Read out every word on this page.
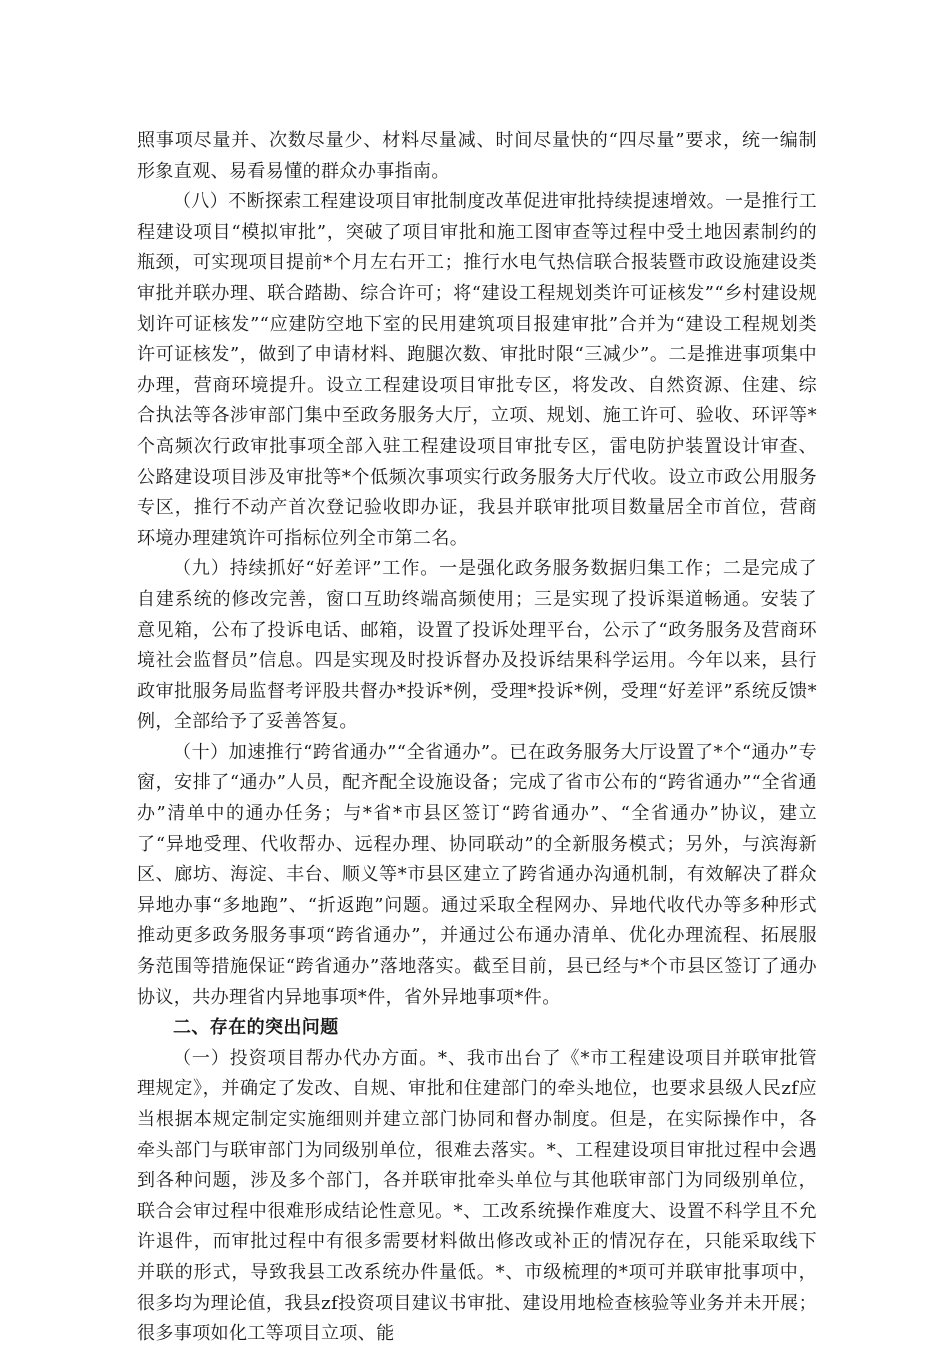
照事项尽量并、次数尽量少、材料尽量减、时间尽量快的“四尽量”要求，统一编制形象直观、易看易懂的群众办事指南。

（八）不断探索工程建设项目审批制度改革促进审批持续提速增效。一是推行工程建设项目“模拟审批”，突破了项目审批和施工图审查等过程中受土地因素制约的瓶颈，可实现项目提前*个月左右开工；推行水电气热信联合报装暨市政设施建设类审批并联办理、联合踏勘、综合许可；将“建设工程规划类许可证核发”“乡村建设规划许可证核发”“应建防空地下室的民用建筑项目报建审批”合并为“建设工程规划类许可证核发”，做到了申请材料、跑腿次数、审批时限“三减少”。二是推进事项集中办理，营商环境提升。设立工程建设项目审批专区，将发改、自然资源、住建、综合执法等各涉审部门集中至政务服务大厅，立项、规划、施工许可、验收、环评等*个高频次行政审批事项全部入驻工程建设项目审批专区，雷电防护装置设计审查、公路建设项目涉及审批等*个低频次事项实行政务服务大厅代收。设立市政公用服务专区，推行不动产首次登记验收即办证，我县并联审批项目数量居全市首位，营商环境办理建筑许可指标位列全市第二名。

（九）持续抓好“好差评”工作。一是强化政务服务数据归集工作；二是完成了自建系统的修改完善，窗口互助终端高频使用；三是实现了投诉渠道畅通。安装了意见箱，公布了投诉电话、邮箱，设置了投诉处理平台，公示了“政务服务及营商环境社会监督员”信息。四是实现及时投诉督办及投诉结果科学运用。今年以来，县行政审批服务局监督考评股共督办*投诉*例，受理*投诉*例，受理“好差评”系统反馈*例，全部给予了妥善答复。

（十）加速推行“跨省通办”“全省通办”。已在政务服务大厅设置了*个“通办”专窗，安排了“通办”人员，配齐配全设施设备；完成了省市公布的“跨省通办”“全省通办”清单中的通办任务；与*省*市县区签订“跨省通办”、“全省通办”协议，建立了“异地受理、代收帮办、远程办理、协同联动”的全新服务模式；另外，与滨海新区、廊坊、海淀、丰台、顺义等*市县区建立了跨省通办沟通机制，有效解决了群众异地办事“多地跑”、“折返跑”问题。通过采取全程网办、异地代收代办等多种形式推动更多政务服务事项“跨省通办”，并通过公布通办清单、优化办理流程、拓展服务范围等措施保证“跨省通办”落地落实。截至目前，县已经与*个市县区签订了通办协议，共办理省内异地事项*件，省外异地事项*件。

二、存在的突出问题

（一）投资项目帮办代办方面。*、我市出台了《*市工程建设项目并联审批管理规定》，并确定了发改、自规、审批和住建部门的牵头地位，也要求县级人民zf应当根据本规定制定实施细则并建立部门协同和督办制度。但是，在实际操作中，各牵头部门与联审部门为同级别单位，很难去落实。*、工程建设项目审批过程中会遇到各种问题，涉及多个部门，各并联审批牵头单位与其他联审部门为同级别单位，联合会审过程中很难形成结论性意见。*、工改系统操作难度大、设置不科学且不允许退件，而审批过程中有很多需要材料做出修改或补正的情况存在，只能采取线下并联的形式，导致我县工改系统办件量低。*、市级梳理的*项可并联审批事项中，很多均为理论值，我县zf投资项目建议书审批、建设用地检查核验等业务并未开展；很多事项如化工等项目立项、能
